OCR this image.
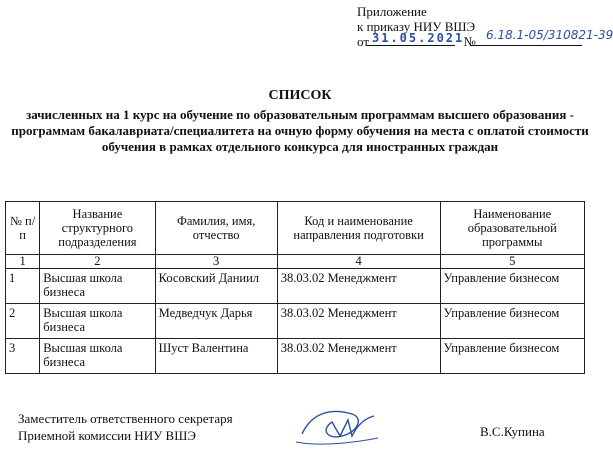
Приложение
к приказу НИУ ВШЭ
от	№
31.05.2021 6.18.1-05/310821-39
СПИСОК
зачисленных на 1 курс на обучение по образовательным программам высшего образования - программам бакалавриата/специалитета на очную форму обучения на места с оплатой стоимости обучения в рамках отдельного конкурса для иностранных граждан
№ п/п	Название структурного подразделения	Фамилия, имя, отчество	Код и наименование направления подготовки	Наименование образовательной программы
1	2	3	4	5
1	Высшая школа бизнеса	Косовский Даниил	38.03.02 Менеджмент	Управление бизнесом
2	Высшая школа бизнеса	Медведчук Дарья	38.03.02 Менеджмент	Управление бизнесом
3	Высшая школа бизнеса	Шуст Валентина	38.03.02 Менеджмент	Управление бизнесом
Заместитель ответственного секретаря
Приемной комиссии НИУ ВШЭ	В.С.Купина
